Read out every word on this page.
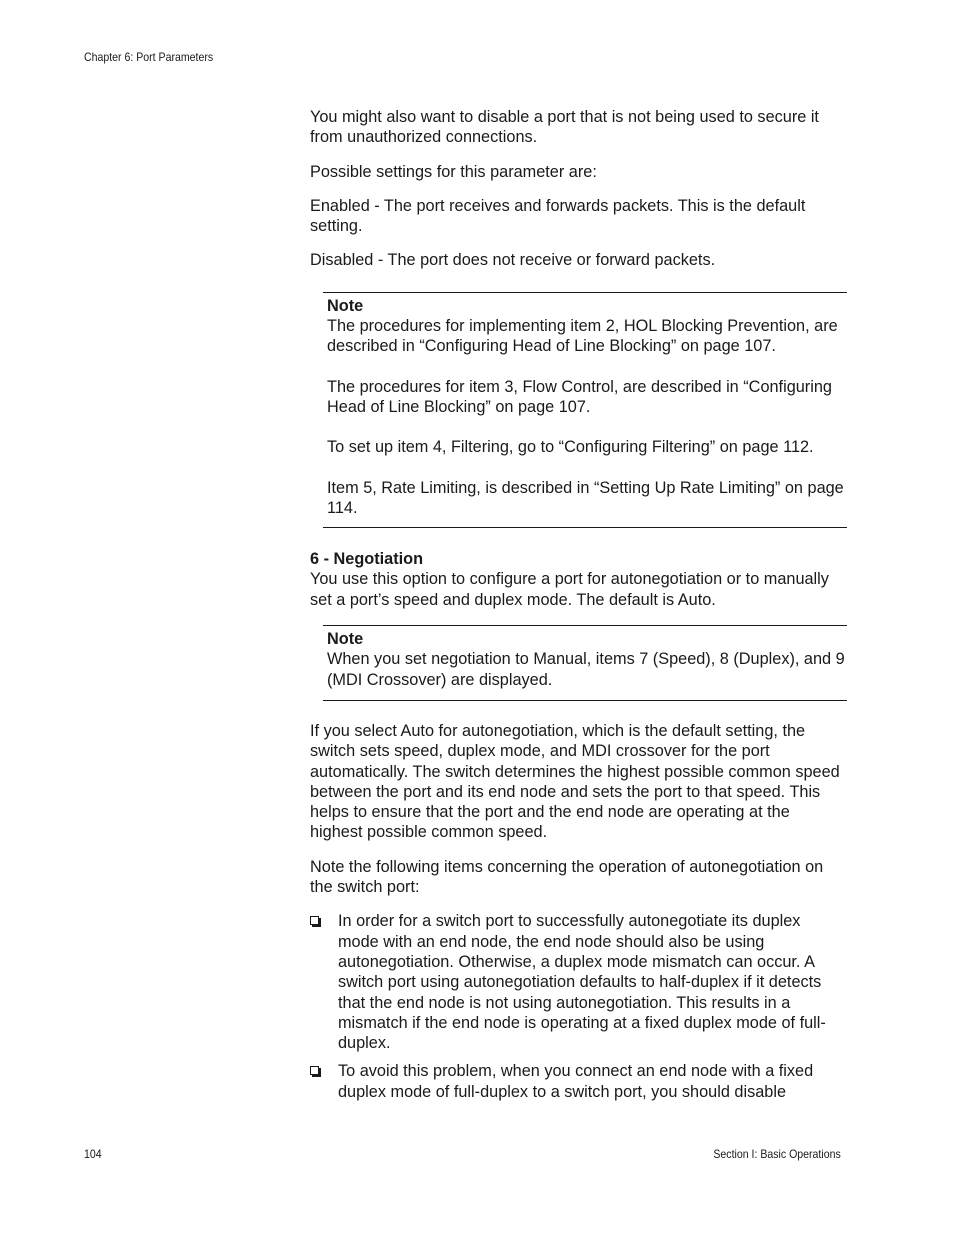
Chapter 6: Port Parameters

You might also want to disable a port that is not being used to secure it from unauthorized connections.

Possible settings for this parameter are:

Enabled - The port receives and forwards packets. This is the default setting.

Disabled - The port does not receive or forward packets.

Note

The procedures for implementing item 2, HOL Blocking Prevention, are described in “Configuring Head of Line Blocking” on page 107.

The procedures for item 3, Flow Control, are described in “Configuring Head of Line Blocking” on page 107.

To set up item 4, Filtering, go to “Configuring Filtering” on page 112.

Item 5, Rate Limiting, is described in “Setting Up Rate Limiting” on page 114.

6 - Negotiation

You use this option to configure a port for autonegotiation or to manually set a port’s speed and duplex mode. The default is Auto.

Note

When you set negotiation to Manual, items 7 (Speed), 8 (Duplex), and 9 (MDI Crossover) are displayed.

If you select Auto for autonegotiation, which is the default setting, the switch sets speed, duplex mode, and MDI crossover for the port automatically. The switch determines the highest possible common speed between the port and its end node and sets the port to that speed. This helps to ensure that the port and the end node are operating at the highest possible common speed.

Note the following items concerning the operation of autonegotiation on the switch port:

In order for a switch port to successfully autonegotiate its duplex mode with an end node, the end node should also be using autonegotiation. Otherwise, a duplex mode mismatch can occur. A switch port using autonegotiation defaults to half-duplex if it detects that the end node is not using autonegotiation. This results in a mismatch if the end node is operating at a fixed duplex mode of full-duplex.
To avoid this problem, when you connect an end node with a fixed duplex mode of full-duplex to a switch port, you should disable
104	Section I: Basic Operations
